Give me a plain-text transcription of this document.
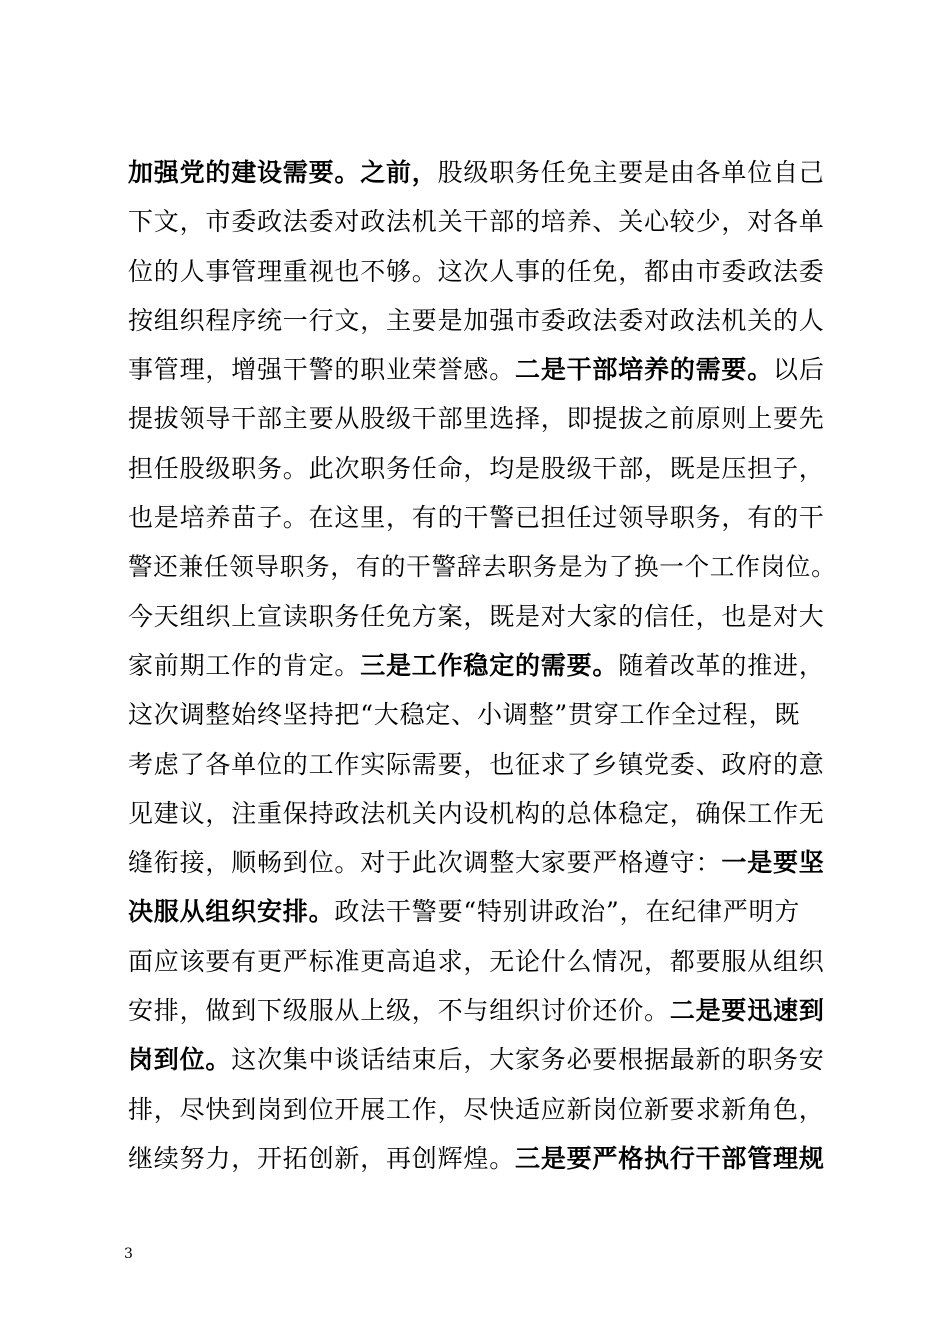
加强党的建设需要。之前，股级职务任免主要是由各单位自己
下文，市委政法委对政法机关干部的培养、关心较少，对各单
位的人事管理重视也不够。这次人事的任免，都由市委政法委
按组织程序统一行文，主要是加强市委政法委对政法机关的人
事管理，增强干警的职业荣誉感。二是干部培养的需要。以后
提拔领导干部主要从股级干部里选择，即提拔之前原则上要先
担任股级职务。此次职务任命，均是股级干部，既是压担子，
也是培养苗子。在这里，有的干警已担任过领导职务，有的干
警还兼任领导职务，有的干警辞去职务是为了换一个工作岗位。
今天组织上宣读职务任免方案，既是对大家的信任，也是对大
家前期工作的肯定。三是工作稳定的需要。随着改革的推进，
这次调整始终坚持把“大稳定、小调整”贯穿工作全过程，既
考虑了各单位的工作实际需要，也征求了乡镇党委、政府的意
见建议，注重保持政法机关内设机构的总体稳定，确保工作无
缝衔接，顺畅到位。对于此次调整大家要严格遵守：一是要坚
决服从组织安排。政法干警要“特别讲政治”，在纪律严明方
面应该要有更严标准更高追求，无论什么情况，都要服从组织
安排，做到下级服从上级，不与组织讨价还价。二是要迅速到
岗到位。这次集中谈话结束后，大家务必要根据最新的职务安
排，尽快到岗到位开展工作，尽快适应新岗位新要求新角色，
继续努力，开拓创新，再创辉煌。三是要严格执行干部管理规
3
